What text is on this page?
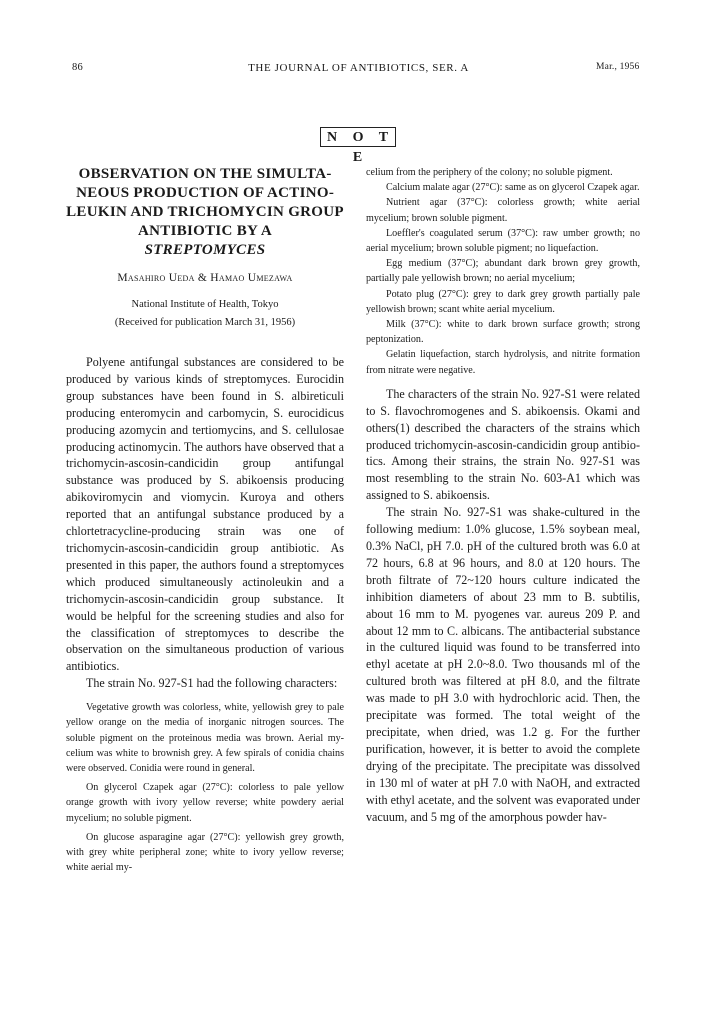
86	THE JOURNAL OF ANTIBIOTICS, SER. A	Mar., 1956
N O T E
OBSERVATION ON THE SIMULTANEOUS PRODUCTION OF ACTINOLEUKIN AND TRICHOMYCIN GROUP ANTIBIOTIC BY A
STREPTOMYCES

Masahiro Ueda & Hamao Umezawa

National Institute of Health, Tokyo
(Received for publication March 31, 1956)

Polyene antifungal substances are considered to be produced by various kinds of streptomyces. Eurocidin group substances have been found in S. albireticuli producing enteromycin and carbomycin, S. eurocidicus producing azomycin and tertiomycins, and S. cellulosae producing actinomycin. The authors have observed that a trichomycin-ascosin-candicidin group antifungal substance was produced by S. abikoensis producing abikoviromycin and viomycin. Kuroya and others reported that an antifungal substance produced by a chlortetracycline-producing strain was one of trichomycin-ascosin-candicidin group antibiotic. As presented in this paper, the authors found a streptomyces which produced simultaneously actinoleukin and a trichomycin-ascosin-candicidin group substance. It would be helpful for the screening studies and also for the classification of streptomyces to describe the observation on the simultaneous production of various antibiotics.

The strain No. 927-S1 had the following characters:

Vegetative growth was colorless, white, yellowish grey to pale yellow orange on the media of inorganic nitrogen sources. The soluble pigment on the proteinous media was brown. Aerial mycelium was white to brownish grey. A few spirals of conidia chains were observed. Conidia were round in general.

On glycerol Czapek agar (27°C): colorless to pale yellow orange growth with ivory yellow reverse; white powdery aerial mycelium; no soluble pigment.

On glucose asparagine agar (27°C): yellowish grey growth, with grey white peripheral zone; white to ivory yellow reverse; white aerial my-

celium from the periphery of the colony; no soluble pigment.

Calcium malate agar (27°C): same as on glycerol Czapek agar.

Nutrient agar (37°C): colorless growth; white aerial mycelium; brown soluble pigment.

Loeffler's coagulated serum (37°C): raw umber growth; no aerial mycelium; brown soluble pigment; no liquefaction.

Egg medium (37°C); abundant dark brown grey growth, partially pale yellowish brown; no aerial mycelium;

Potato plug (27°C): grey to dark grey growth partially pale yellowish brown; scant white aerial mycelium.

Milk (37°C): white to dark brown surface growth; strong peptonization.

Gelatin liquefaction, starch hydrolysis, and nitrite formation from nitrate were negative.

The characters of the strain No. 927-S1 were related to S. flavochromogenes and S. abikoensis. Okami and others(1) described the characters of the strains which produced trichomycin-ascosin-candicidin group antibiotics. Among their strains, the strain No. 927-S1 was most resembling to the strain No. 603-A1 which was assigned to S. abikoensis.

The strain No. 927-S1 was shake-cultured in the following medium: 1.0% glucose, 1.5% soybean meal, 0.3% NaCl, pH 7.0. pH of the cultured broth was 6.0 at 72 hours, 6.8 at 96 hours, and 8.0 at 120 hours. The broth filtrate of 72~120 hours culture indicated the inhibition diameters of about 23 mm to B. subtilis, about 16 mm to M. pyogenes var. aureus 209 P. and about 12 mm to C. albicans. The antibacterial substance in the cultured liquid was found to be transferred into ethyl acetate at pH 2.0~8.0. Two thousands ml of the cultured broth was filtered at pH 8.0, and the filtrate was made to pH 3.0 with hydrochloric acid. Then, the precipitate was formed. The total weight of the precipitate, when dried, was 1.2 g. For the further purification, however, it is better to avoid the complete drying of the precipitate. The precipitate was dissolved in 130 ml of water at pH 7.0 with NaOH, and extracted with ethyl acetate, and the solvent was evaporated under vacuum, and 5 mg of the amorphous powder hav-
